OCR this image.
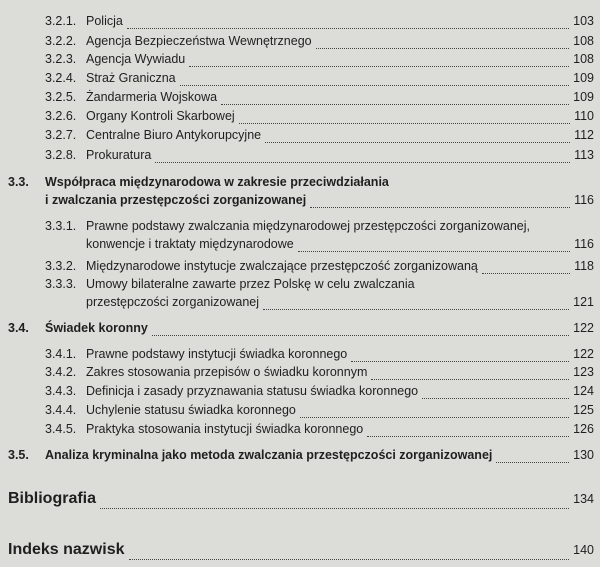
3.2.1. Policja	103
3.2.2. Agencja Bezpieczeństwa Wewnętrznego	108
3.2.3. Agencja Wywiadu	108
3.2.4. Straż Graniczna	109
3.2.5. Żandarmeria Wojskowa	109
3.2.6. Organy Kontroli Skarbowej	110
3.2.7. Centralne Biuro Antykorupcyjne	112
3.2.8. Prokuratura	113
3.3. Współpraca międzynarodowa w zakresie przeciwdziałania
i zwalczania przestępczości zorganizowanej	116
3.3.1. Prawne podstawy zwalczania międzynarodowej przestępczości zorganizowanej,
konwencje i traktaty międzynarodowe	116
3.3.2. Międzynarodowe instytucje zwalczające przestępczość zorganizowaną	118
3.3.3. Umowy bilateralne zawarte przez Polskę w celu zwalczania
przestępczości zorganizowanej	121
3.4. Świadek koronny	122
3.4.1. Prawne podstawy instytucji świadka koronnego	122
3.4.2. Zakres stosowania przepisów o świadku koronnym	123
3.4.3. Definicja i zasady przyznawania statusu świadka koronnego	124
3.4.4. Uchylenie statusu świadka koronnego	125
3.4.5. Praktyka stosowania instytucji świadka koronnego	126
3.5. Analiza kryminalna jako metoda zwalczania przestępczości zorganizowanej	130
Bibliografia	134
Indeks nazwisk	140
